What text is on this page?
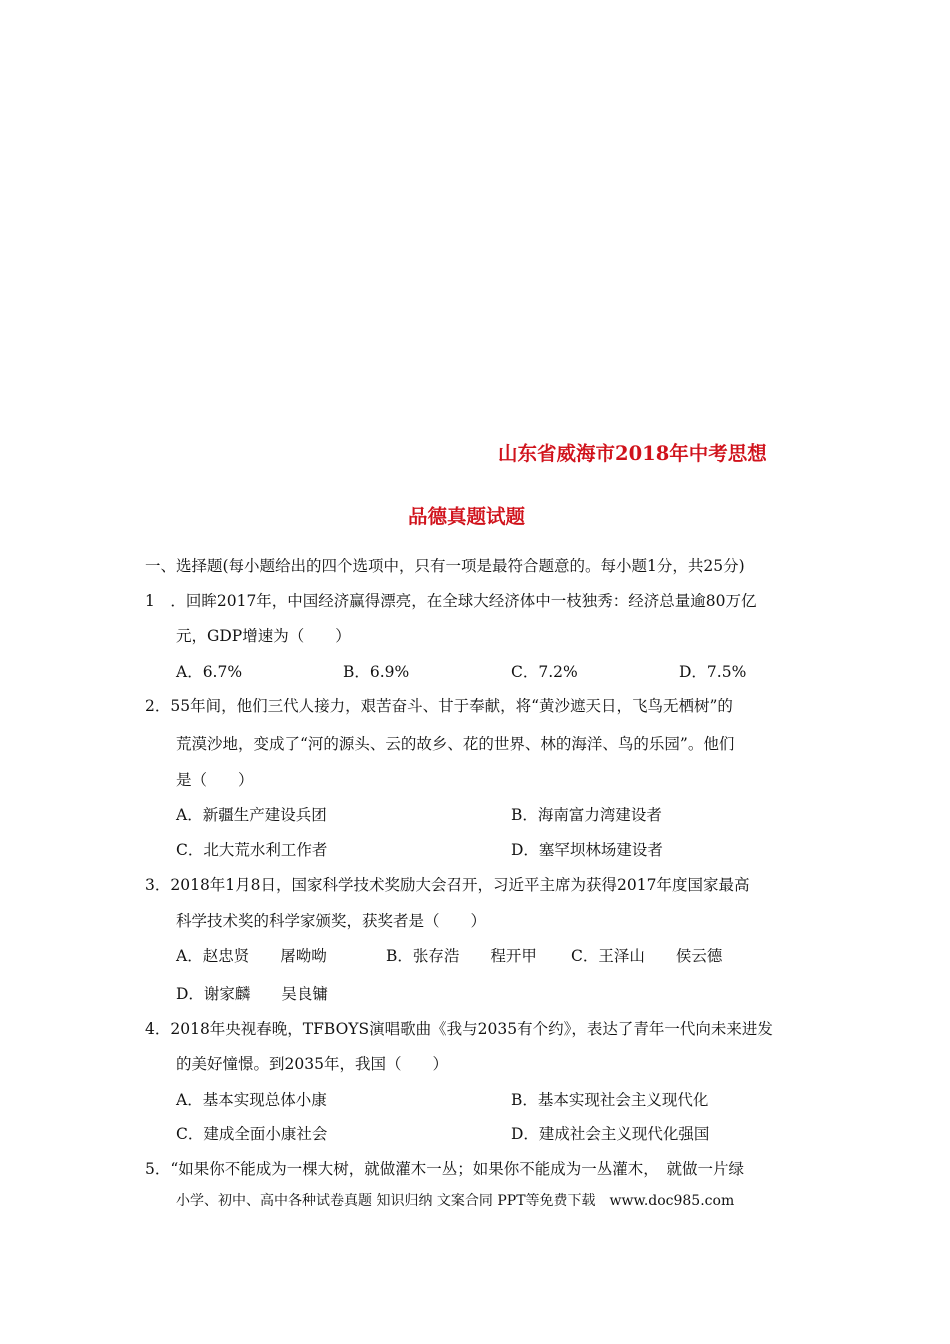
山东省威海市2018年中考思想
品德真题试题
一、选择题(每小题给出的四个选项中，只有一项是最符合题意的。每小题1分，共25分)
1　．回眸2017年，中国经济赢得漂亮，在全球大经济体中一枝独秀：经济总量逾80万亿
元，GDP增速为（　　）
A．6.7%	B．6.9%	C．7.2%	D．7.5%
2．55年间，他们三代人接力，艰苦奋斗、甘于奉献，将“黄沙遮天日，飞鸟无栖树”的
荒漠沙地，变成了“河的源头、云的故乡、花的世界、林的海洋、鸟的乐园”。他们
是（　　）
A．新疆生产建设兵团	B．海南富力湾建设者
C．北大荒水利工作者	D．塞罕坝林场建设者
3．2018年1月8日，国家科学技术奖励大会召开，习近平主席为获得2017年度国家最高
科学技术奖的科学家颁奖，获奖者是（　　）
A．赵忠贤　　屠呦呦	B．张存浩　　程开甲 C．王泽山　　侯云德
D．谢家麟　　吴良镛
4．2018年央视春晚，TFBOYS演唱歌曲《我与2035有个约》，表达了青年一代向未来进发
的美好憧憬。到2035年，我国（　　）
A．基本实现总体小康	B．基本实现社会主义现代化
C．建成全面小康社会	D．建成社会主义现代化强国
5．“如果你不能成为一棵大树，就做灌木一丛；如果你不能成为一丛灌木，　就做一片绿
小学、初中、高中各种试卷真题 知识归纳 文案合同 PPT等免费下载　www.doc985.com
